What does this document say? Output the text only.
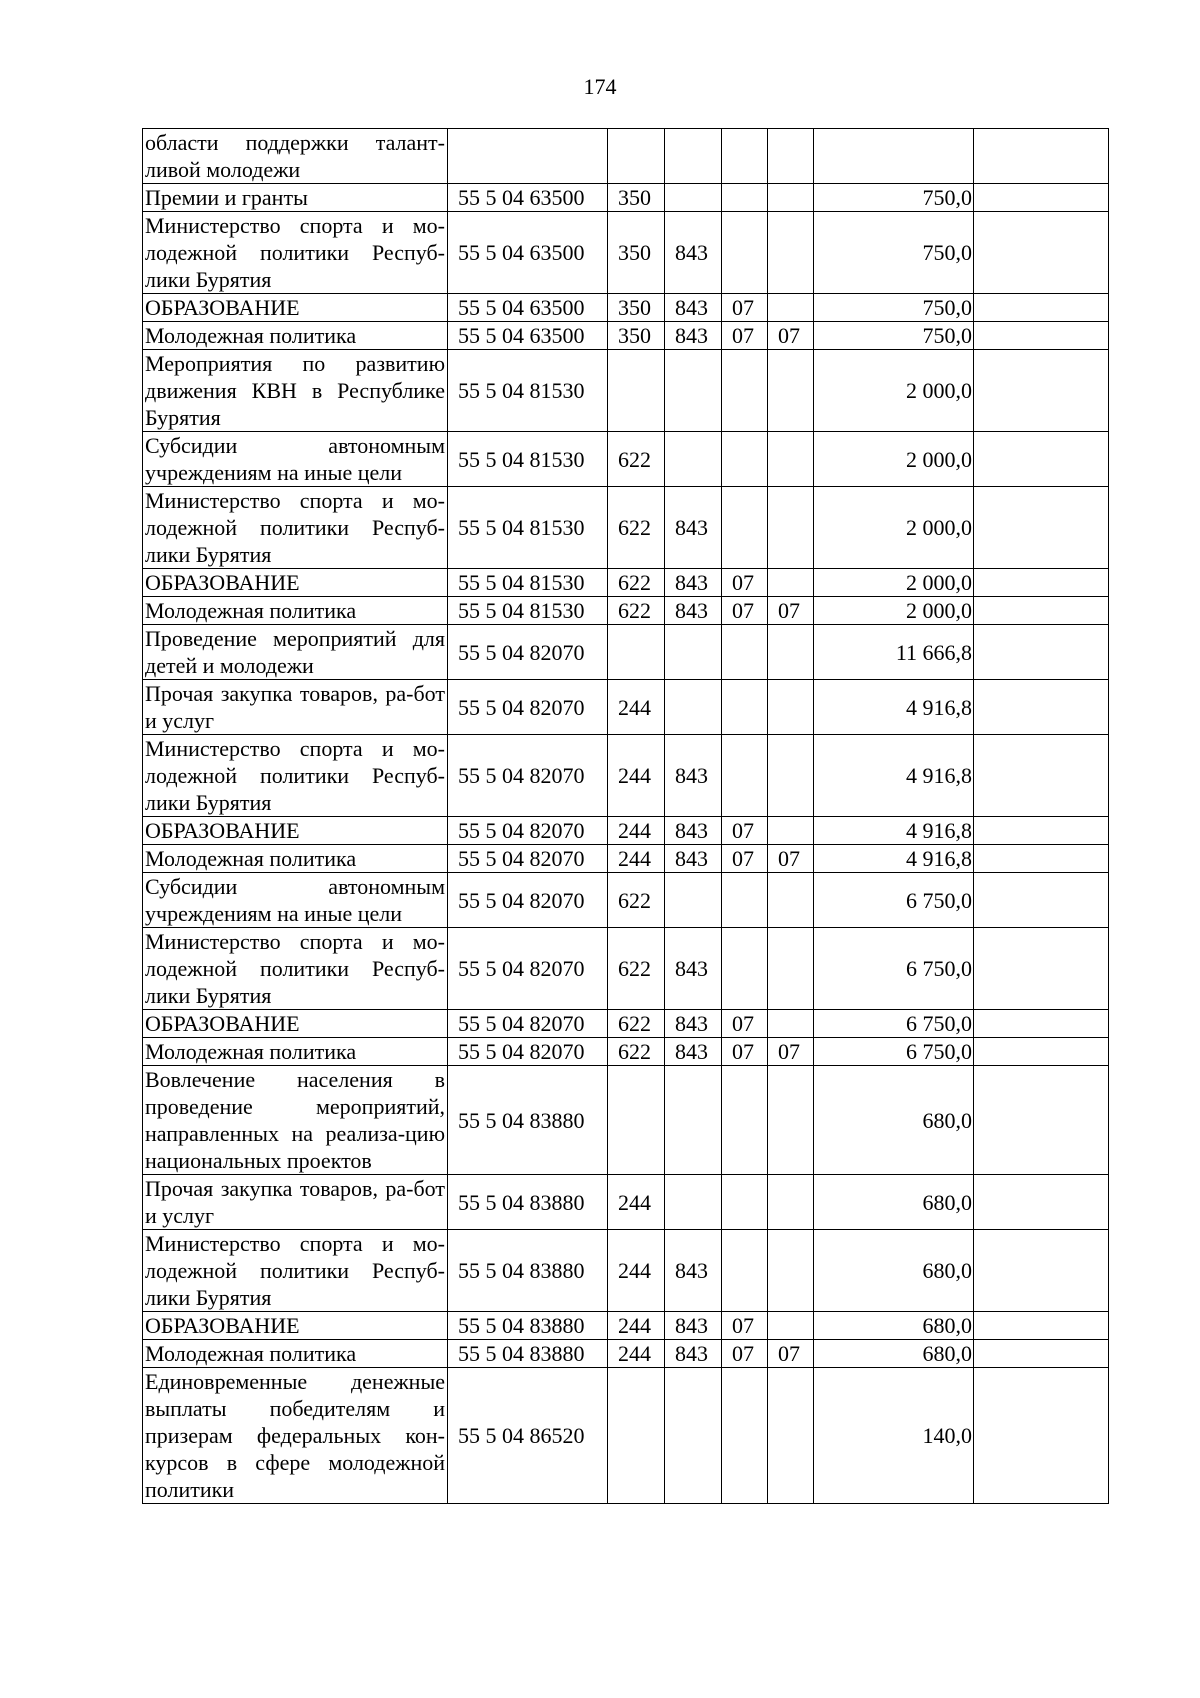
174
области поддержки талант-ливой молодежи							
Премии и гранты	55 5 04 63500	350				750,0	
Министерство спорта и мо-лодежной политики Респуб-лики Бурятия	55 5 04 63500	350	843			750,0	
ОБРАЗОВАНИЕ	55 5 04 63500	350	843	07		750,0	
Молодежная политика	55 5 04 63500	350	843	07	07	750,0	
Мероприятия по развитию движения КВН в Республике Бурятия	55 5 04 81530					2 000,0	
Субсидии автономным учреждениям на иные цели	55 5 04 81530	622				2 000,0	
Министерство спорта и мо-лодежной политики Респуб-лики Бурятия	55 5 04 81530	622	843			2 000,0	
ОБРАЗОВАНИЕ	55 5 04 81530	622	843	07		2 000,0	
Молодежная политика	55 5 04 81530	622	843	07	07	2 000,0	
Проведение мероприятий для детей и молодежи	55 5 04 82070					11 666,8	
Прочая закупка товаров, ра-бот и услуг	55 5 04 82070	244				4 916,8	
Министерство спорта и мо-лодежной политики Респуб-лики Бурятия	55 5 04 82070	244	843			4 916,8	
ОБРАЗОВАНИЕ	55 5 04 82070	244	843	07		4 916,8	
Молодежная политика	55 5 04 82070	244	843	07	07	4 916,8	
Субсидии автономным учреждениям на иные цели	55 5 04 82070	622				6 750,0	
Министерство спорта и мо-лодежной политики Респуб-лики Бурятия	55 5 04 82070	622	843			6 750,0	
ОБРАЗОВАНИЕ	55 5 04 82070	622	843	07		6 750,0	
Молодежная политика	55 5 04 82070	622	843	07	07	6 750,0	
Вовлечение населения в проведение мероприятий, направленных на реализа-цию национальных проектов	55 5 04 83880					680,0	
Прочая закупка товаров, ра-бот и услуг	55 5 04 83880	244				680,0	
Министерство спорта и мо-лодежной политики Респуб-лики Бурятия	55 5 04 83880	244	843			680,0	
ОБРАЗОВАНИЕ	55 5 04 83880	244	843	07		680,0	
Молодежная политика	55 5 04 83880	244	843	07	07	680,0	
Единовременные денежные выплаты победителям и призерам федеральных кон-курсов в сфере молодежной политики	55 5 04 86520					140,0	
